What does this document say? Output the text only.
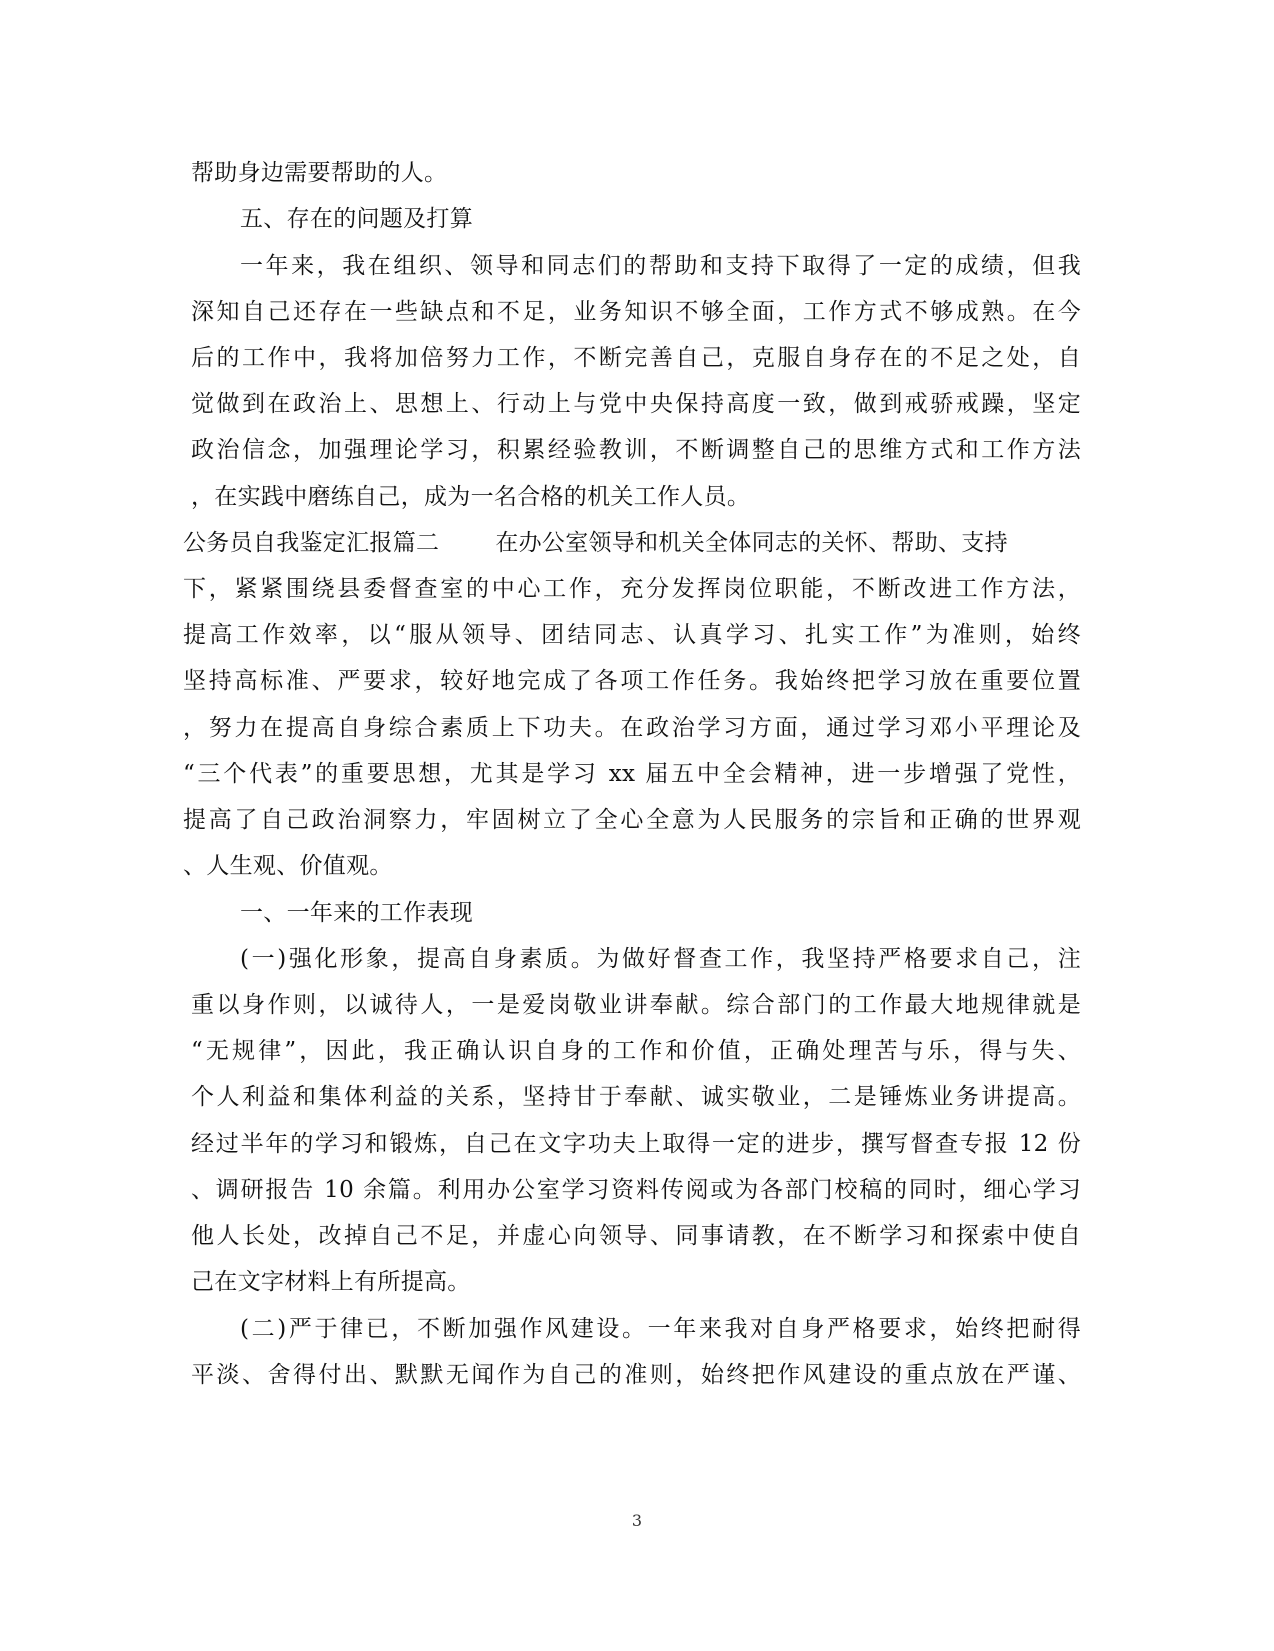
帮助身边需要帮助的人。
五、存在的问题及打算
一年来，我在组织、领导和同志们的帮助和支持下取得了一定的成绩，但我
深知自己还存在一些缺点和不足，业务知识不够全面，工作方式不够成熟。在今
后的工作中，我将加倍努力工作，不断完善自己，克服自身存在的不足之处，自
觉做到在政治上、思想上、行动上与党中央保持高度一致，做到戒骄戒躁，坚定
政治信念，加强理论学习，积累经验教训，不断调整自己的思维方式和工作方法
，在实践中磨练自己，成为一名合格的机关工作人员。
公务员自我鉴定汇报篇二 在办公室领导和机关全体同志的关怀、帮助、支持
下，紧紧围绕县委督查室的中心工作，充分发挥岗位职能，不断改进工作方法，
提高工作效率，以“服从领导、团结同志、认真学习、扎实工作”为准则，始终
坚持高标准、严要求，较好地完成了各项工作任务。我始终把学习放在重要位置
，努力在提高自身综合素质上下功夫。在政治学习方面，通过学习邓小平理论及
“三个代表”的重要思想，尤其是学习 xx 届五中全会精神，进一步增强了党性，
提高了自己政治洞察力，牢固树立了全心全意为人民服务的宗旨和正确的世界观
、人生观、价值观。
一、一年来的工作表现
(一)强化形象，提高自身素质。为做好督查工作，我坚持严格要求自己，注
重以身作则，以诚待人，一是爱岗敬业讲奉献。综合部门的工作最大地规律就是
“无规律”，因此，我正确认识自身的工作和价值，正确处理苦与乐，得与失、
个人利益和集体利益的关系，坚持甘于奉献、诚实敬业，二是锤炼业务讲提高。
经过半年的学习和锻炼，自己在文字功夫上取得一定的进步，撰写督查专报 12 份
、调研报告 10 余篇。利用办公室学习资料传阅或为各部门校稿的同时，细心学习
他人长处，改掉自己不足，并虚心向领导、同事请教，在不断学习和探索中使自
己在文字材料上有所提高。
(二)严于律已，不断加强作风建设。一年来我对自身严格要求，始终把耐得
平淡、舍得付出、默默无闻作为自己的准则，始终把作风建设的重点放在严谨、
3
